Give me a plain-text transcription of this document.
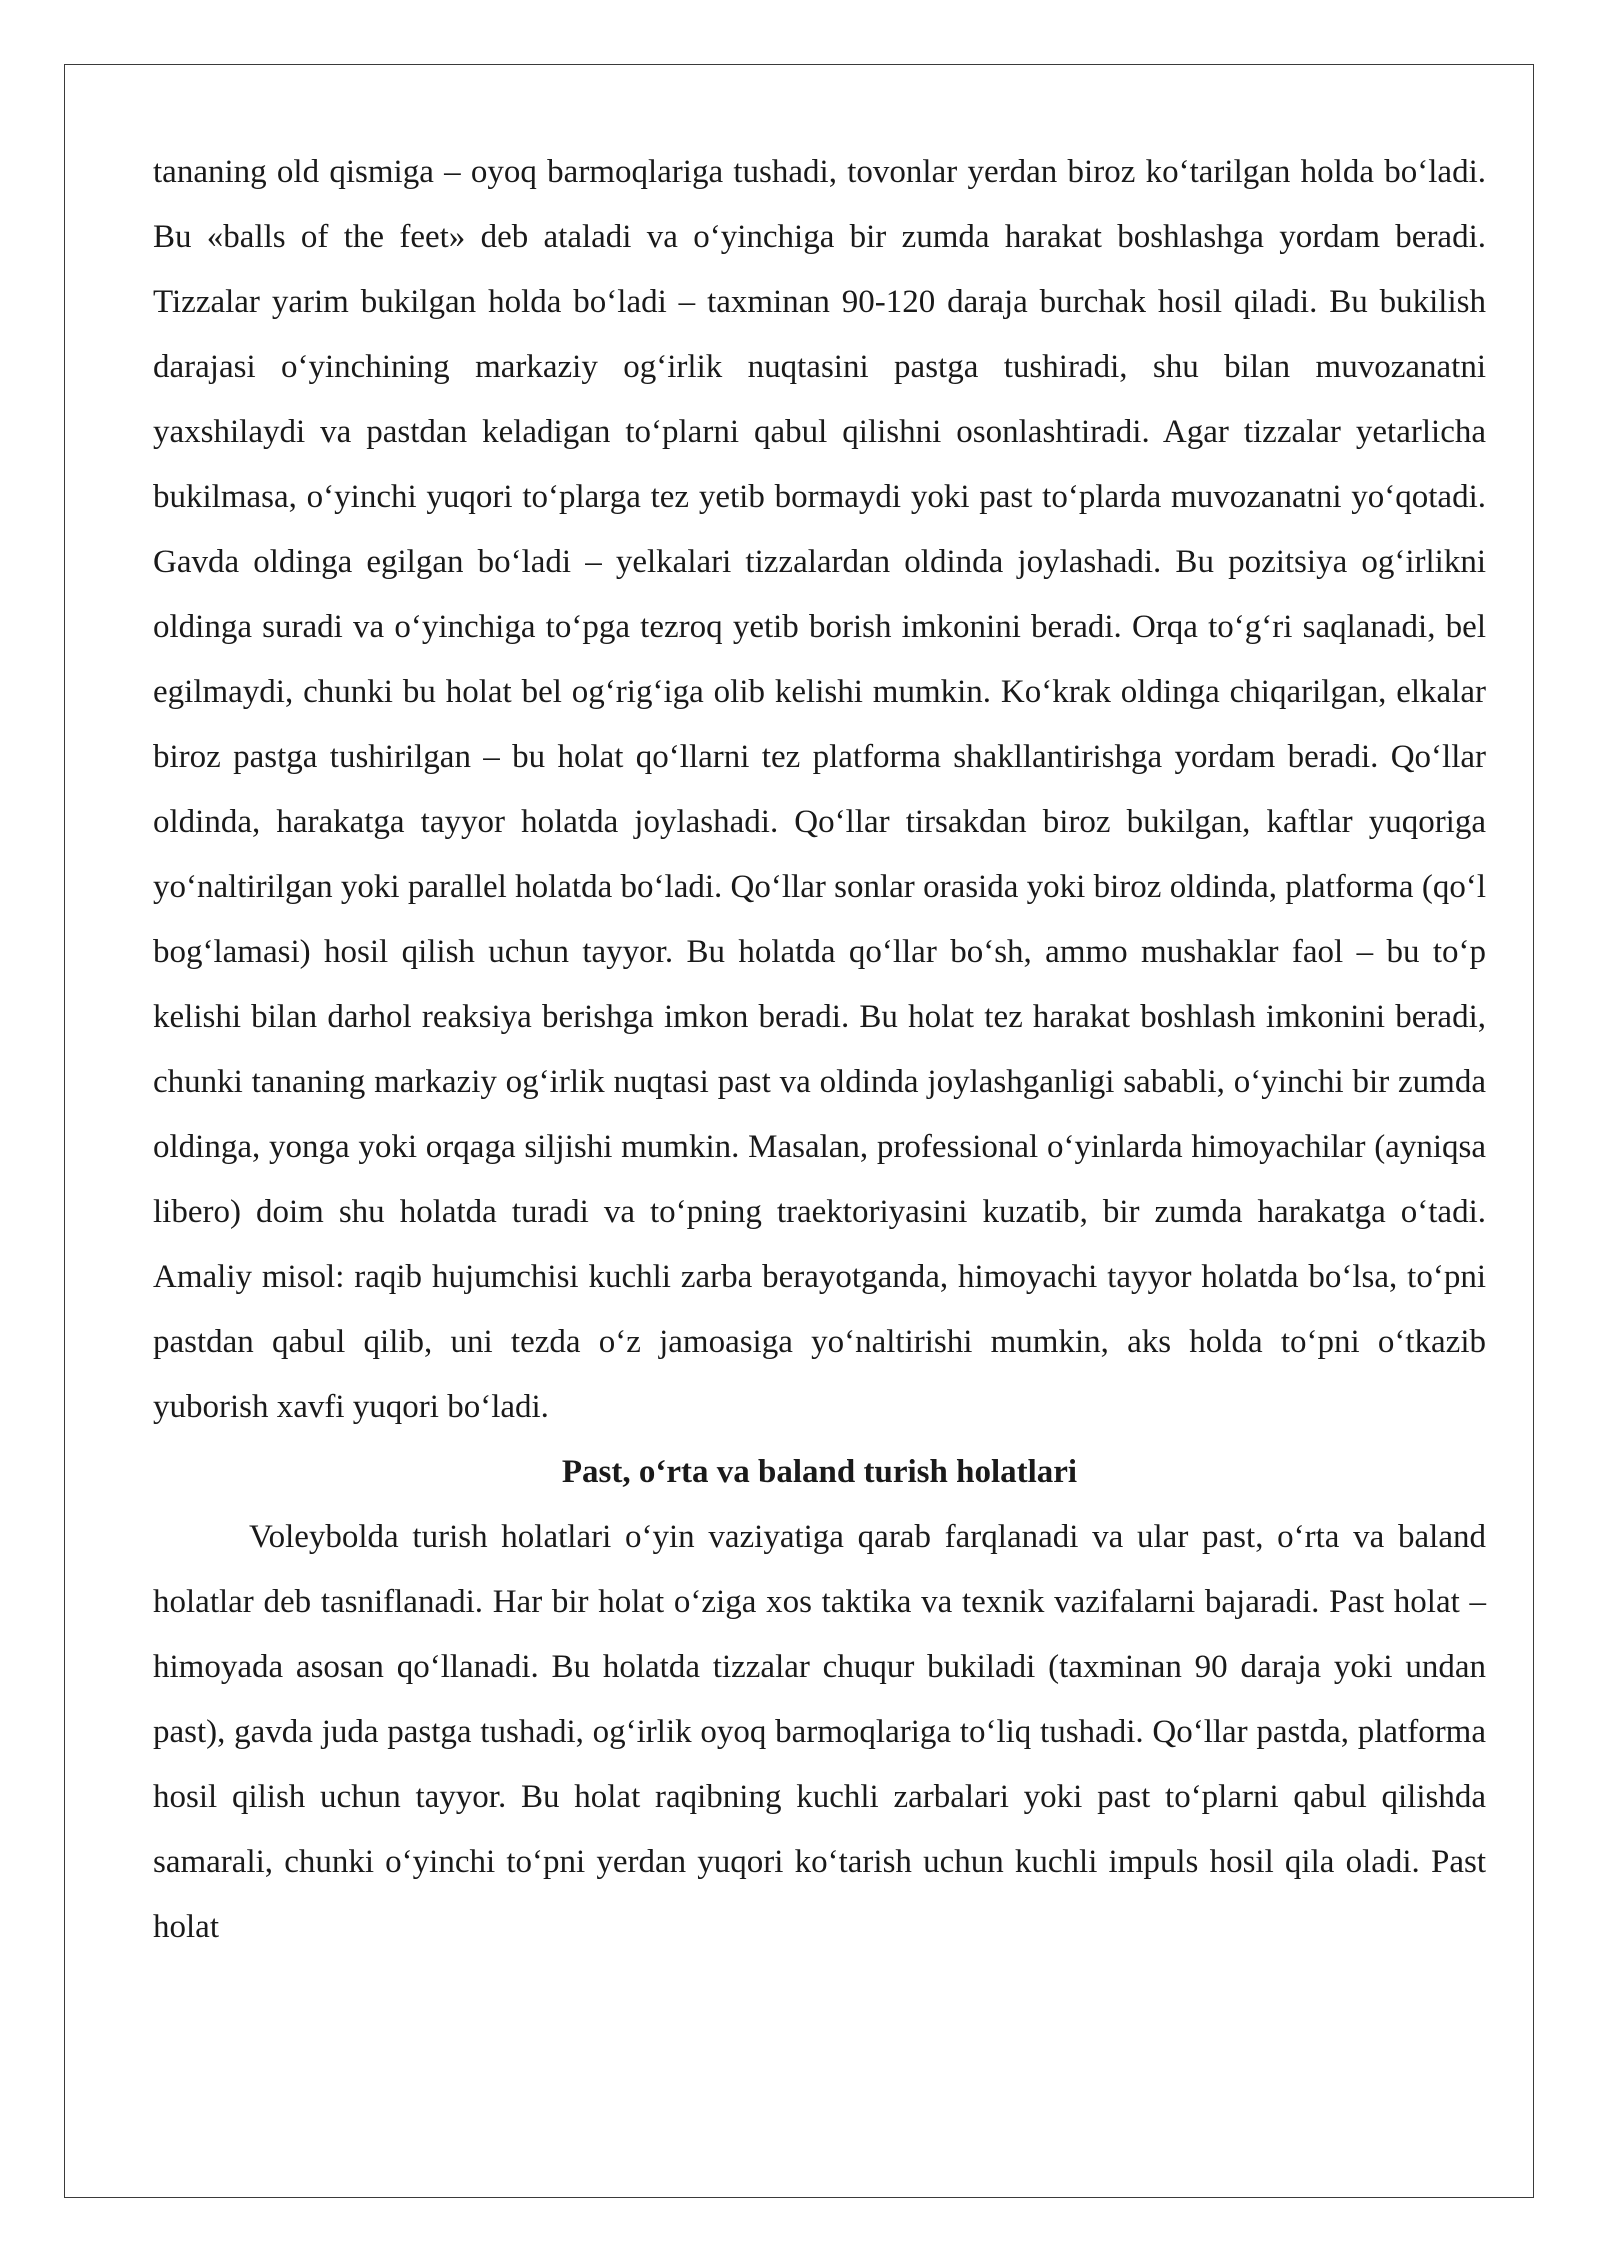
tananing old qismiga – oyoq barmoqlariga tushadi, tovonlar yerdan biroz ko‘tarilgan holda bo‘ladi. Bu «balls of the feet» deb ataladi va o‘yinchiga bir zumda harakat boshlashga yordam beradi. Tizzalar yarim bukilgan holda bo‘ladi – taxminan 90-120 daraja burchak hosil qiladi. Bu bukilish darajasi o‘yinchining markaziy og‘irlik nuqtasini pastga tushiradi, shu bilan muvozanatni yaxshilaydi va pastdan keladigan to‘plarni qabul qilishni osonlashtiradi. Agar tizzalar yetarlicha bukilmasa, o‘yinchi yuqori to‘plarga tez yetib bormaydi yoki past to‘plarda muvozanatni yo‘qotadi. Gavda oldinga egilgan bo‘ladi – yelkalari tizzalardan oldinda joylashadi. Bu pozitsiya og‘irlikni oldinga suradi va o‘yinchiga to‘pga tezroq yetib borish imkonini beradi. Orqa to‘g‘ri saqlanadi, bel egilmaydi, chunki bu holat bel og‘rig‘iga olib kelishi mumkin. Ko‘krak oldinga chiqarilgan, elkalar biroz pastga tushirilgan – bu holat qo‘llarni tez platforma shakllantirishga yordam beradi. Qo‘llar oldinda, harakatga tayyor holatda joylashadi. Qo‘llar tirsakdan biroz bukilgan, kaftlar yuqoriga yo‘naltirilgan yoki parallel holatda bo‘ladi. Qo‘llar sonlar orasida yoki biroz oldinda, platforma (qo‘l bog‘lamasi) hosil qilish uchun tayyor. Bu holatda qo‘llar bo‘sh, ammo mushaklar faol – bu to‘p kelishi bilan darhol reaksiya berishga imkon beradi. Bu holat tez harakat boshlash imkonini beradi, chunki tananing markaziy og‘irlik nuqtasi past va oldinda joylashganligi sababli, o‘yinchi bir zumda oldinga, yonga yoki orqaga siljishi mumkin. Masalan, professional o‘yinlarda himoyachilar (ayniqsa libero) doim shu holatda turadi va to‘pning traektoriyasini kuzatib, bir zumda harakatga o‘tadi. Amaliy misol: raqib hujumchisi kuchli zarba berayotganda, himoyachi tayyor holatda bo‘lsa, to‘pni pastdan qabul qilib, uni tezda o‘z jamoasiga yo‘naltirishi mumkin, aks holda to‘pni o‘tkazib yuborish xavfi yuqori bo‘ladi.

Past, o‘rta va baland turish holatlari

Voleybolda turish holatlari o‘yin vaziyatiga qarab farqlanadi va ular past, o‘rta va baland holatlar deb tasniflanadi. Har bir holat o‘ziga xos taktika va texnik vazifalarni bajaradi. Past holat – himoyada asosan qo‘llanadi. Bu holatda tizzalar chuqur bukiladi (taxminan 90 daraja yoki undan past), gavda juda pastga tushadi, og‘irlik oyoq barmoqlariga to‘liq tushadi. Qo‘llar pastda, platforma hosil qilish uchun tayyor. Bu holat raqibning kuchli zarbalari yoki past to‘plarni qabul qilishda samarali, chunki o‘yinchi to‘pni yerdan yuqori ko‘tarish uchun kuchli impuls hosil qila oladi. Past holat
